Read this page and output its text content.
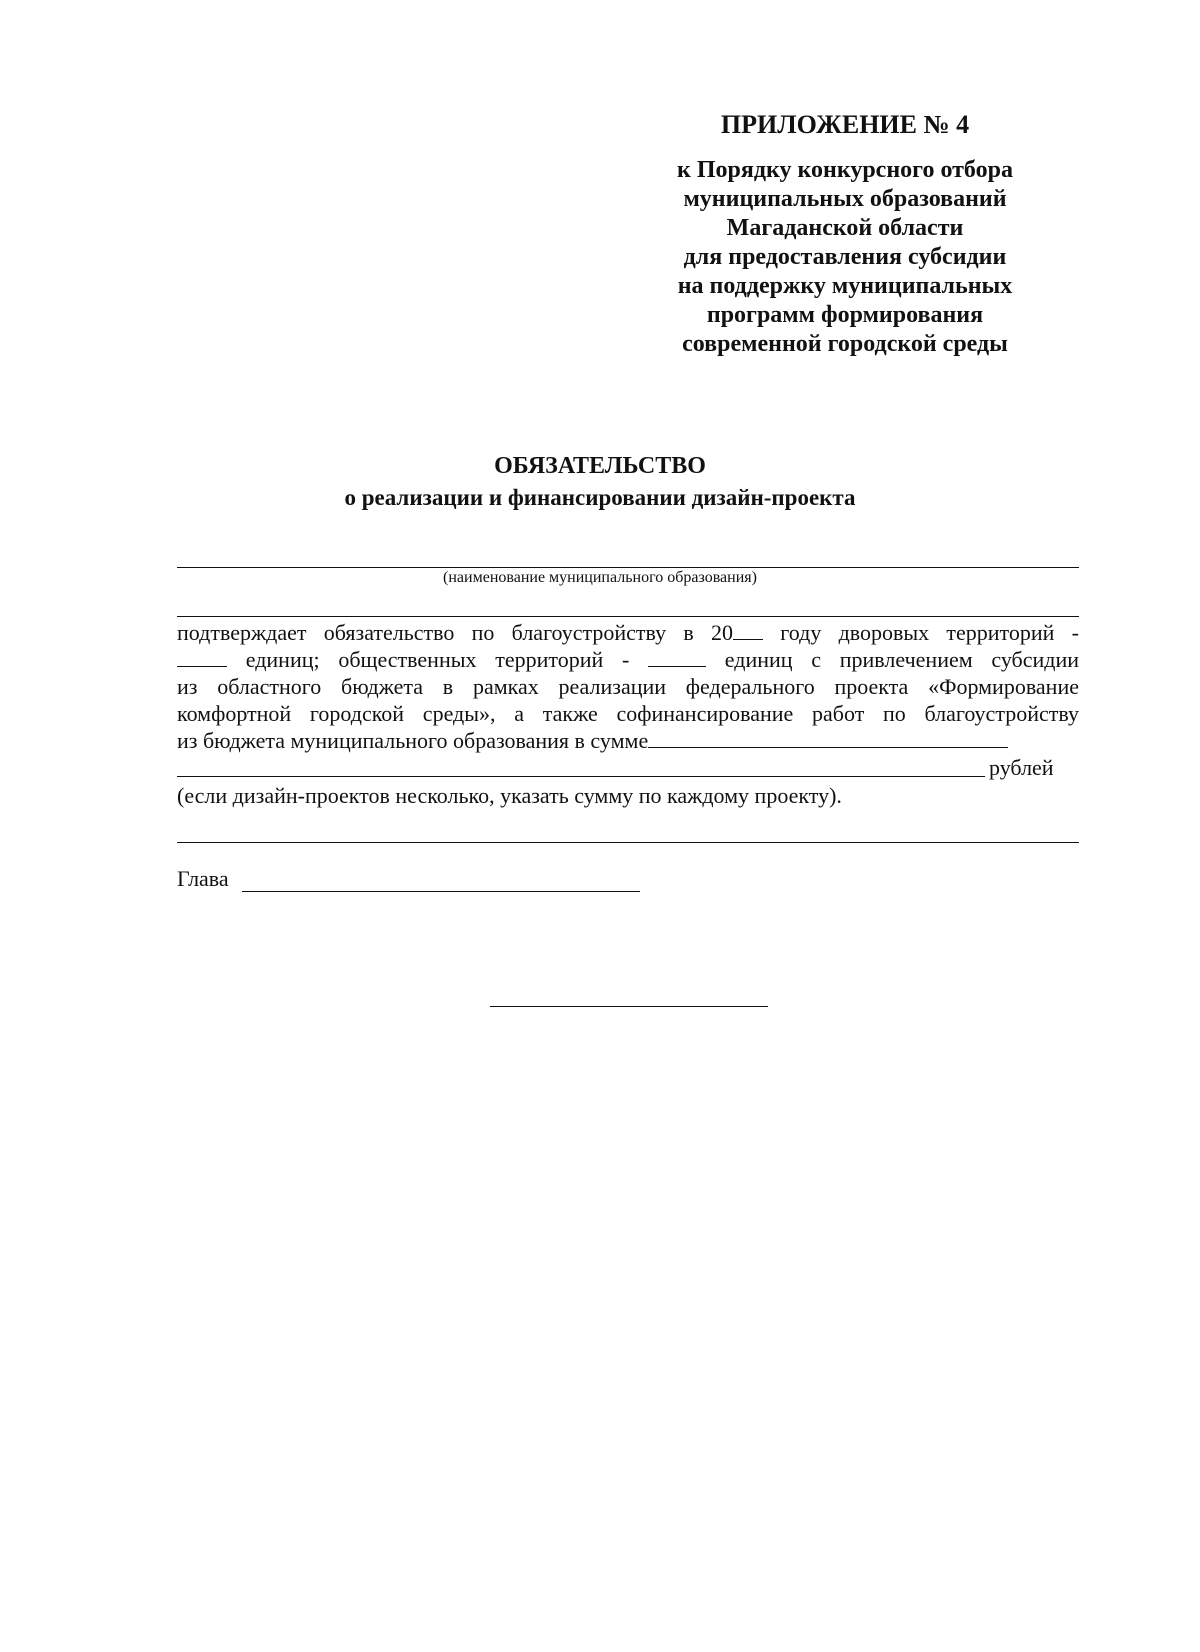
ПРИЛОЖЕНИЕ № 4
к Порядку конкурсного отбора
муниципальных образований
Магаданской области
для предоставления субсидии
на поддержку муниципальных
программ формирования
современной городской среды
ОБЯЗАТЕЛЬСТВО
о реализации и финансировании дизайн-проекта
(наименование муниципального образования)
подтверждает обязательство по благоустройству в 20 году дворовых территорий -
единиц; общественных территорий -	единиц с привлечением субсидии
из областного бюджета в рамках реализации федерального проекта «Формирование
комфортной городской среды», а также софинансирование работ по благоустройству
из бюджета муниципального образования в сумме
рублей
(если дизайн-проектов несколько, указать сумму по каждому проекту).
Глава
